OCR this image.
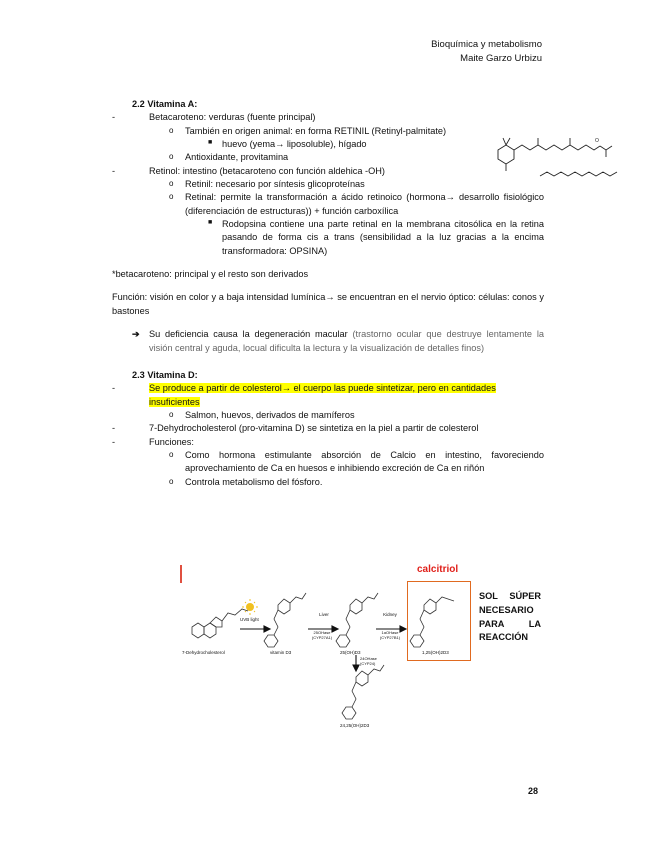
Bioquímica y metabolismo
Maite Garzo Urbizu
2.2 Vitamina A:
-	Betacaroteno: verduras (fuente principal)
o También en origen animal: en forma RETINIL (Retinyl-palmitate)
■ huevo (yema→ liposoluble), hígado
o Antioxidante, provitamina
-	Retinol: intestino (betacaroteno con función aldehica -OH)
o Retinil: necesario por síntesis glicoproteínas
o Retinal: permite la transformación a ácido retinoico (hormona→ desarrollo fisiológico (diferenciación de estructuras)) + función carboxílica
■ Rodopsina contiene una parte retinal en la membrana citosólica en la retina pasando de forma cis a trans (sensibilidad a la luz gracias a la encima transformadora: OPSINA)
*betacaroteno: principal y el resto son derivados
Función: visión en color y a baja intensidad lumínica→ se encuentran en el nervio óptico: células: conos y bastones
➔ Su deficiencia causa la degeneración macular (trastorno ocular que destruye lentamente la visión central y aguda, locual dificulta la lectura y la visualización de detalles finos)
2.3 Vitamina D:
-	Se produce a partir de colesterol→ el cuerpo las puede sintetizar, pero en cantidades insuficientes
o Salmon, huevos, derivados de mamíferos
-	7-Dehydrocholesterol (pro-vitamina D) se sintetiza en la piel a partir de colesterol
-	Funciones:
o Como hormona estimulante absorción de Calcio en intestino, favoreciendo aprovechamiento de Ca en huesos e inhibiendo excreción de Ca en riñón
o Controla metabolismo del fósforo.
O
calcitriol
UVB light
Liver
25OHase
(CYP27A1)
Kidney
1αOHase
(CYP27B1)
24OHase
(CYP24)
7-Dehydrocholesterol	vitamin D3	25(OH)D3	1,25(OH)2D3
24,25(OH)2D3
SOL SÚPER
NECESARIO
PARA LA
REACCIÓN
28
